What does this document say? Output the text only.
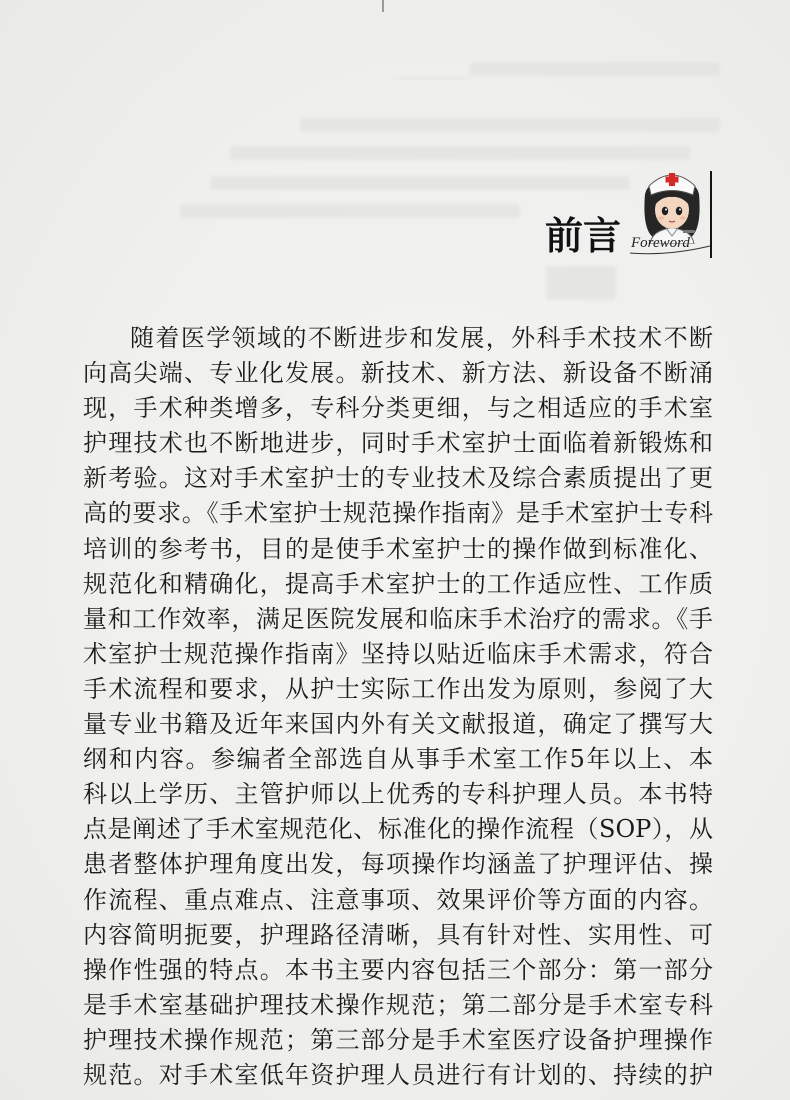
前言 Foreword
随着医学领域的不断进步和发展，外科手术技术不断
向高尖端、专业化发展。新技术、新方法、新设备不断涌
现，手术种类增多，专科分类更细，与之相适应的手术室
护理技术也不断地进步，同时手术室护士面临着新锻炼和
新考验。这对手术室护士的专业技术及综合素质提出了更
高的要求。《手术室护士规范操作指南》是手术室护士专科
培训的参考书，目的是使手术室护士的操作做到标准化、
规范化和精确化，提高手术室护士的工作适应性、工作质
量和工作效率，满足医院发展和临床手术治疗的需求。《手
术室护士规范操作指南》坚持以贴近临床手术需求，符合
手术流程和要求，从护士实际工作出发为原则，参阅了大
量专业书籍及近年来国内外有关文献报道，确定了撰写大
纲和内容。参编者全部选自从事手术室工作5年以上、本
科以上学历、主管护师以上优秀的专科护理人员。本书特
点是阐述了手术室规范化、标准化的操作流程（SOP），从
患者整体护理角度出发，每项操作均涵盖了护理评估、操
作流程、重点难点、注意事项、效果评价等方面的内容。
内容简明扼要，护理路径清晰，具有针对性、实用性、可
操作性强的特点。本书主要内容包括三个部分：第一部分
是手术室基础护理技术操作规范；第二部分是手术室专科
护理技术操作规范；第三部分是手术室医疗设备护理操作
规范。对手术室低年资护理人员进行有计划的、持续的护
